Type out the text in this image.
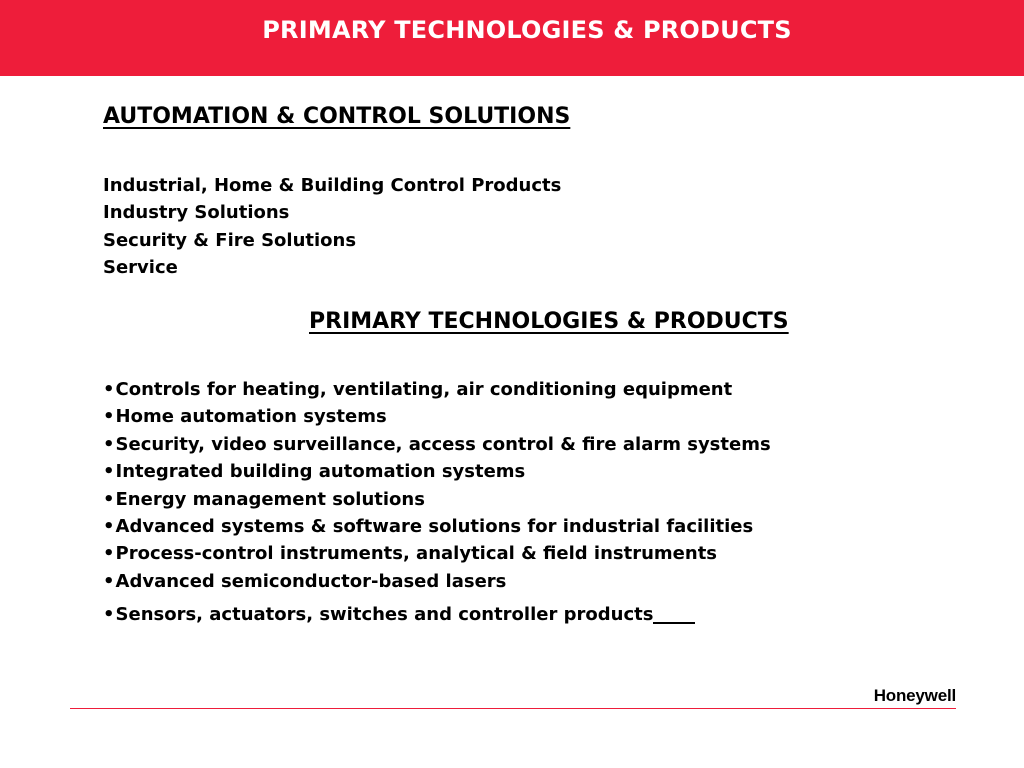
PRIMARY TECHNOLOGIES & PRODUCTS
AUTOMATION & CONTROL SOLUTIONS
Industrial, Home & Building Control Products
Industry Solutions
Security & Fire Solutions
Service
PRIMARY TECHNOLOGIES & PRODUCTS
•Controls for heating, ventilating, air conditioning equipment
•Home automation systems
•Security, video surveillance, access control & fire alarm systems
•Integrated building automation systems
•Energy management solutions
•Advanced systems & software solutions for industrial facilities
•Process-control instruments, analytical & field instruments
•Advanced semiconductor-based lasers
•Sensors, actuators, switches and controller products
Honeywell
